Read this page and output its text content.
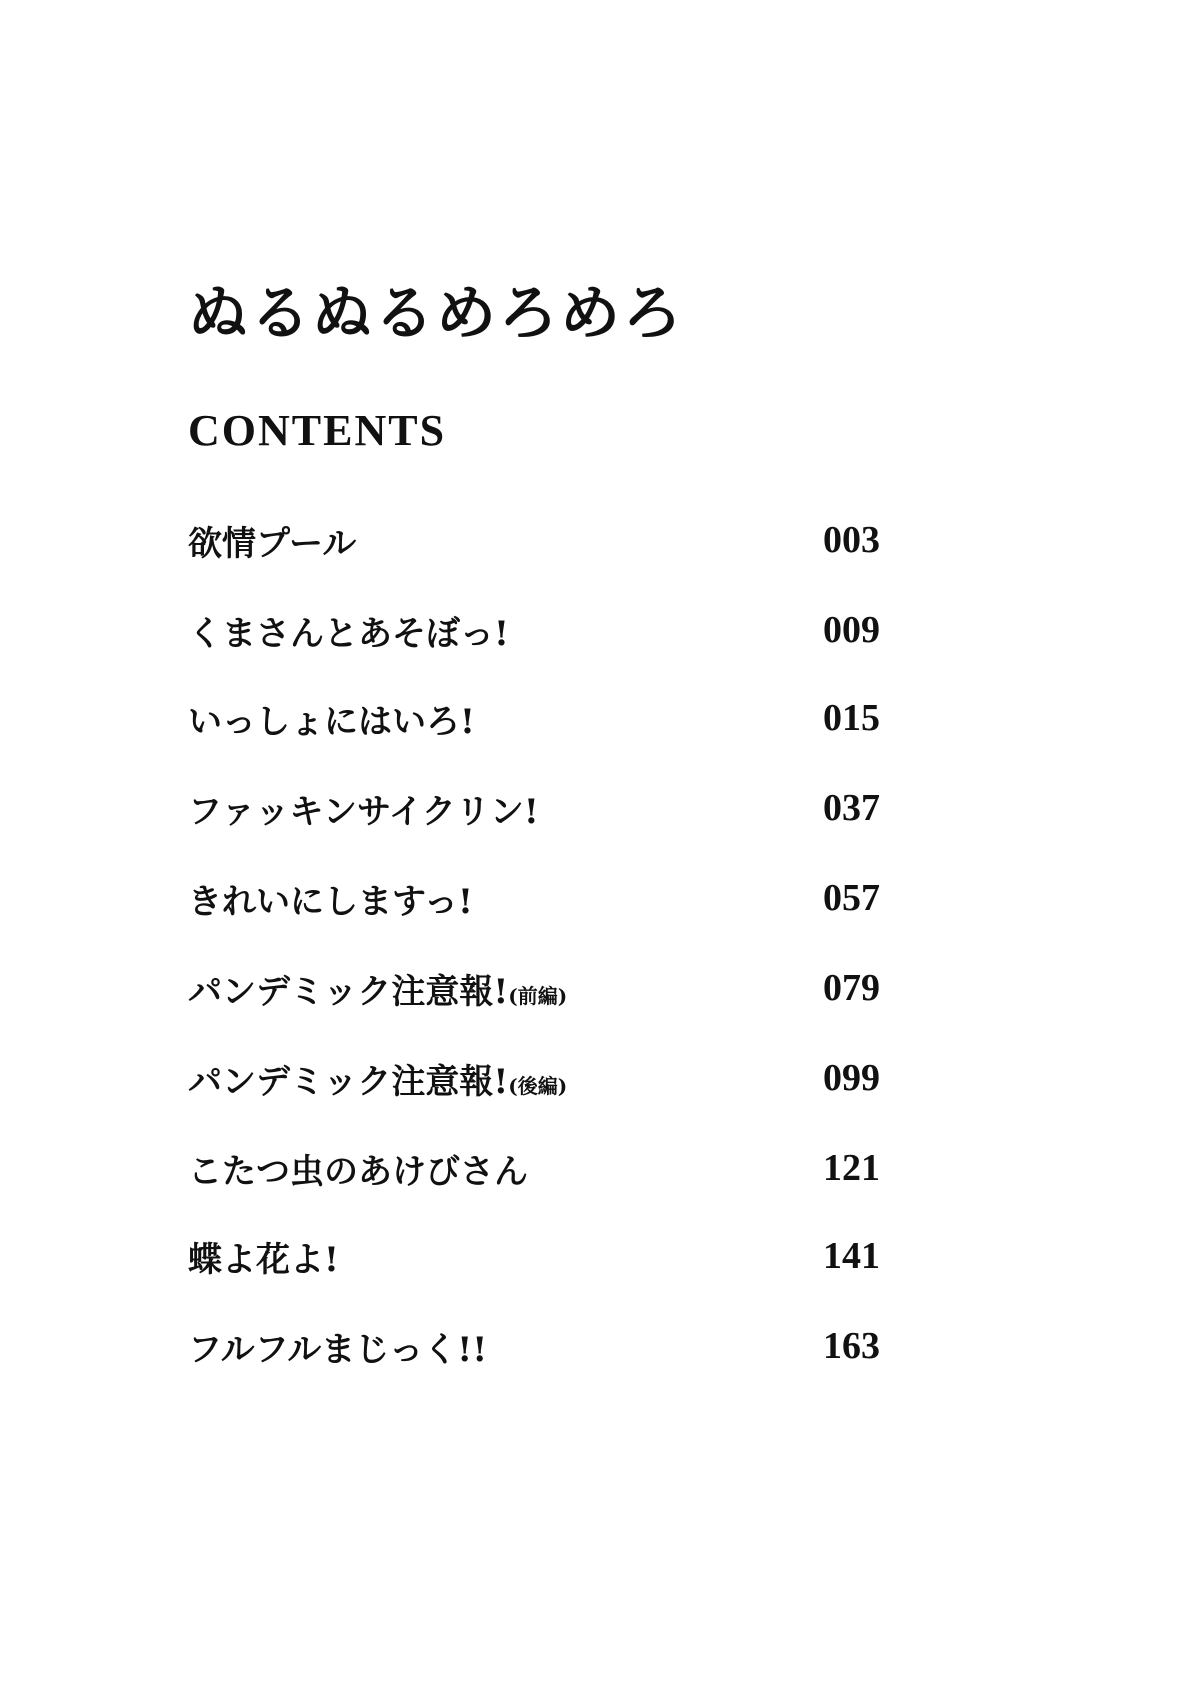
ぬるぬるめろめろ
CONTENTS
欲情プール	003
くまさんとあそぼっ!	009
いっしょにはいろ!	015
ファッキンサイクリン!	037
きれいにしますっ!	057
パンデミック注意報!(前編)	079
パンデミック注意報!(後編)	099
こたつ虫のあけびさん	121
蝶よ花よ!	141
フルフルまじっく!!	163
